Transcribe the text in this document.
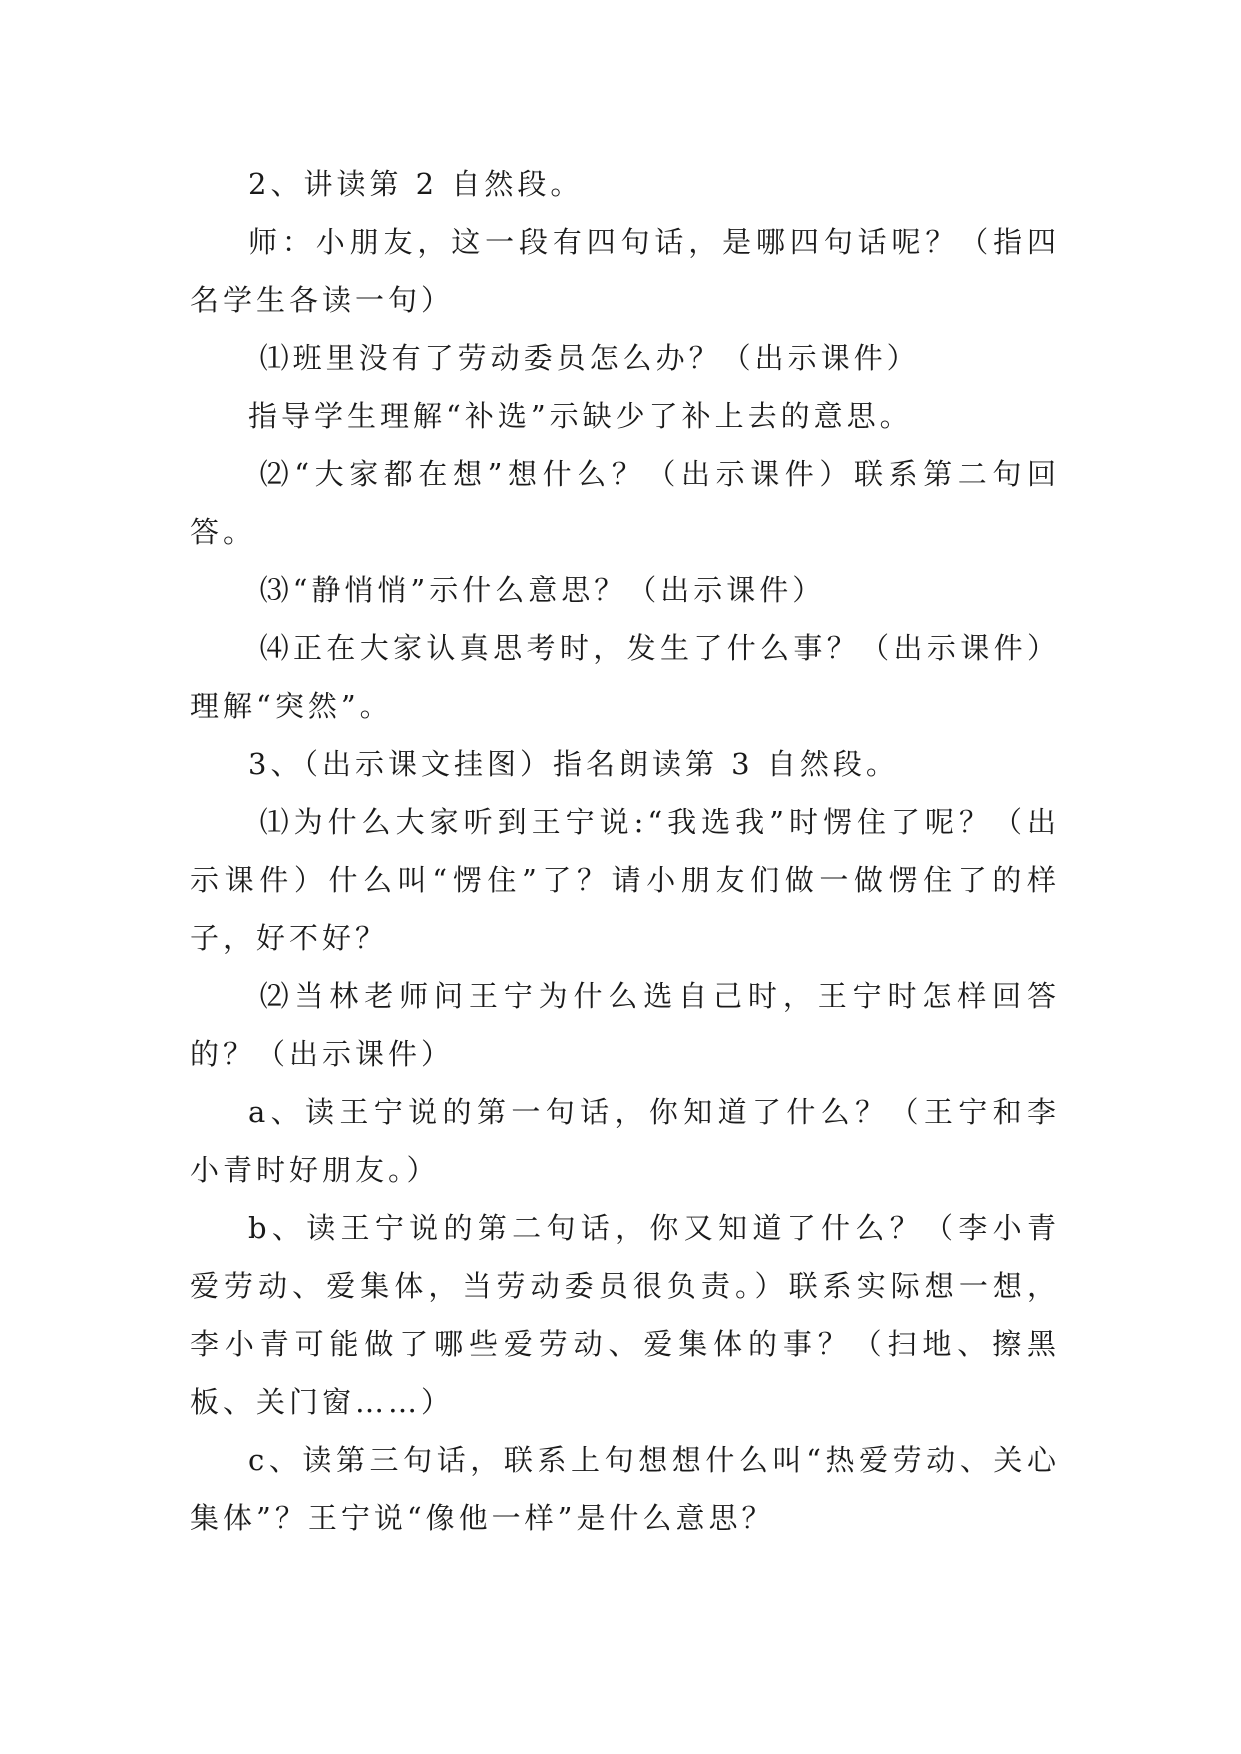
2、讲读第 2 自然段。

师：小朋友，这一段有四句话，是哪四句话呢？（指四名学生各读一句）

⑴班里没有了劳动委员怎么办？（出示课件）

指导学生理解“补选”示缺少了补上去的意思。

⑵“大家都在想”想什么？（出示课件）联系第二句回答。

⑶“静悄悄”示什么意思？（出示课件）

⑷正在大家认真思考时，发生了什么事？（出示课件）理解“突然”。

3、（出示课文挂图）指名朗读第 3 自然段。

⑴为什么大家听到王宁说:“我选我”时愣住了呢？（出示课件）什么叫“愣住”了？请小朋友们做一做愣住了的样子，好不好？

⑵当林老师问王宁为什么选自己时，王宁时怎样回答的？（出示课件）

a、读王宁说的第一句话，你知道了什么？（王宁和李小青时好朋友。）

b、读王宁说的第二句话，你又知道了什么？（李小青爱劳动、爱集体，当劳动委员很负责。）联系实际想一想，李小青可能做了哪些爱劳动、爱集体的事？（扫地、擦黑板、关门窗……）

c、读第三句话，联系上句想想什么叫“热爱劳动、关心集体”？王宁说“像他一样”是什么意思？
